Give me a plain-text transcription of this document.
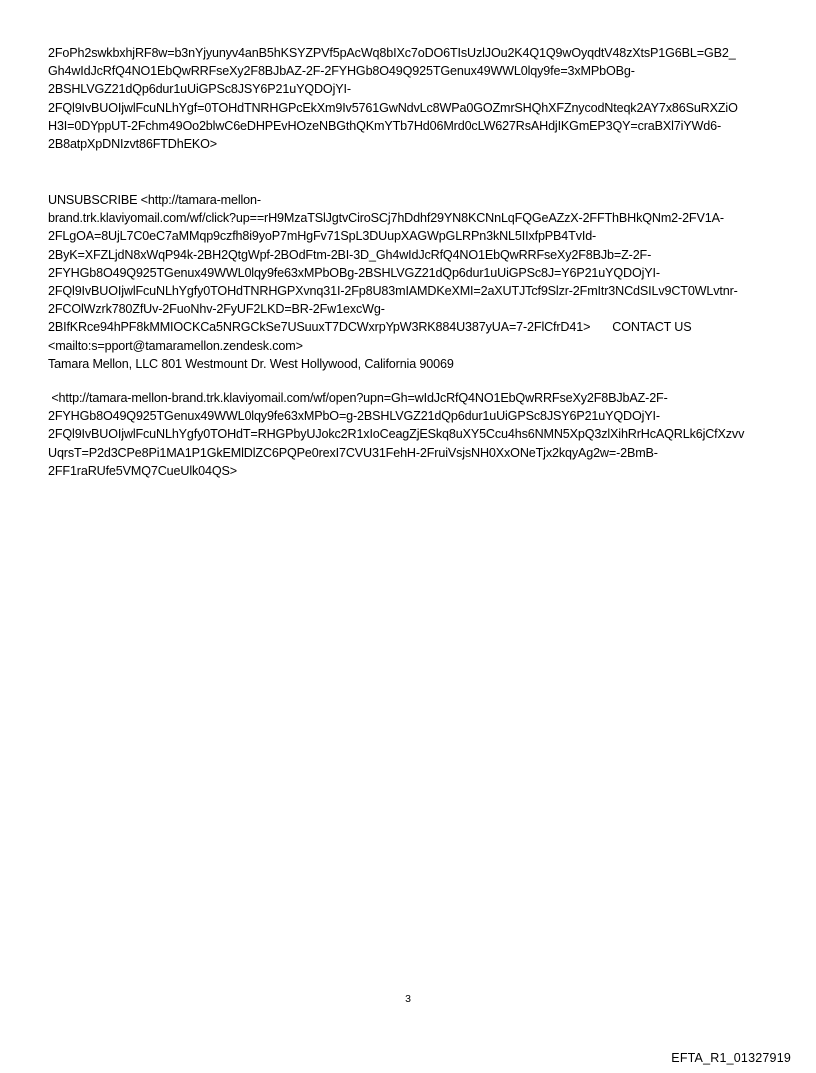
2FoPh2swkbxhjRF8w=b3nYjyunyv4anB5hKSYZPVf5pAcWq8bIXc7oDO6TIsUzlJOu2K4Q1Q9wOyqdtV48zXtsP1G6BL=GB2_
Gh4wIdJcRfQ4NO1EbQwRRFseXy2F8BJbAZ-2F-2FYHGb8O49Q925TGenux49WWL0lqy9fe=3xMPbOBg-
2BSHLVGZ21dQp6dur1uUiGPSc8JSY6P21uYQDOjYI-
2FQl9IvBUOIjwlFcuNLhYgf=0TOHdTNRHGPcEkXm9Iv5761GwNdvLc8WPa0GOZmrSHQhXFZnycodNteqk2AY7x86SuRXZiO
H3I=0DYppUT-2Fchm49Oo2blwC6eDHPEvHOzeNBGthQKmYTb7Hd06Mrd0cLW627RsAHdjIKGmEP3QY=craBXl7iYWd6-
2B8atpXpDNIzvt86FTDhEKO>
UNSUBSCRIBE <http://tamara-mellon-
brand.trk.klaviyomail.com/wf/click?up==rH9MzaTSlJgtvCiroSCj7hDdhf29YN8KCNnLqFQGeAZzX-2FFThBHkQNm2-2FV1A-
2FLgOA=8UjL7C0eC7aMMqp9czfh8i9yoP7mHgFv71SpL3DUupXAGWpGLRPn3kNL5IIxfpPB4TvId-
2ByK=XFZLjdN8xWqP94k-2BH2QtgWpf-2BOdFtm-2BI-3D_Gh4wIdJcRfQ4NO1EbQwRRFseXy2F8BJb=Z-2F-
2FYHGb8O49Q925TGenux49WWL0lqy9fe63xMPbOBg-2BSHLVGZ21dQp6dur1uUiGPSc8J=Y6P21uYQDOjYI-
2FQl9IvBUOIjwlFcuNLhYgfy0TOHdTNRHGPXvnq31I-2Fp8U83mIAMDKeXMI=2aXUTJTcf9Slzr-2FmItr3NCdSILv9CT0WLvtnr-
2FCOlWzrk780ZfUv-2FuoNhv-2FyUF2LKD=BR-2Fw1excWg-
2BIfKRce94hPF8kMMIOCKCa5NRGCkSe7USuuxT7DCWxrpYpW3RK884U387yUA=7-2FlCfrD41> CONTACT US
<mailto:s=pport@tamaramellon.zendesk.com>
Tamara Mellon, LLC 801 Westmount Dr. West Hollywood, California 90069
<http://tamara-mellon-brand.trk.klaviyomail.com/wf/open?upn=Gh=wIdJcRfQ4NO1EbQwRRFseXy2F8BJbAZ-2F-
2FYHGb8O49Q925TGenux49WWL0lqy9fe63xMPbO=g-2BSHLVGZ21dQp6dur1uUiGPSc8JSY6P21uYQDOjYI-
2FQl9IvBUOIjwlFcuNLhYgfy0TOHdT=RHGPbyUJokc2R1xIoCeagZjESkq8uXY5Ccu4hs6NMN5XpQ3zlXihRrHcAQRLk6jCfXzvv
UqrsT=P2d3CPe8Pi1MA1P1GkEMlDlZC6PQPe0rexI7CVU31FehH-2FruiVsjsNH0XxONeTjx2kqyAg2w=-2BmB-
2FF1raRUfe5VMQ7CueUlk04QS>
3
EFTA_R1_01327919
